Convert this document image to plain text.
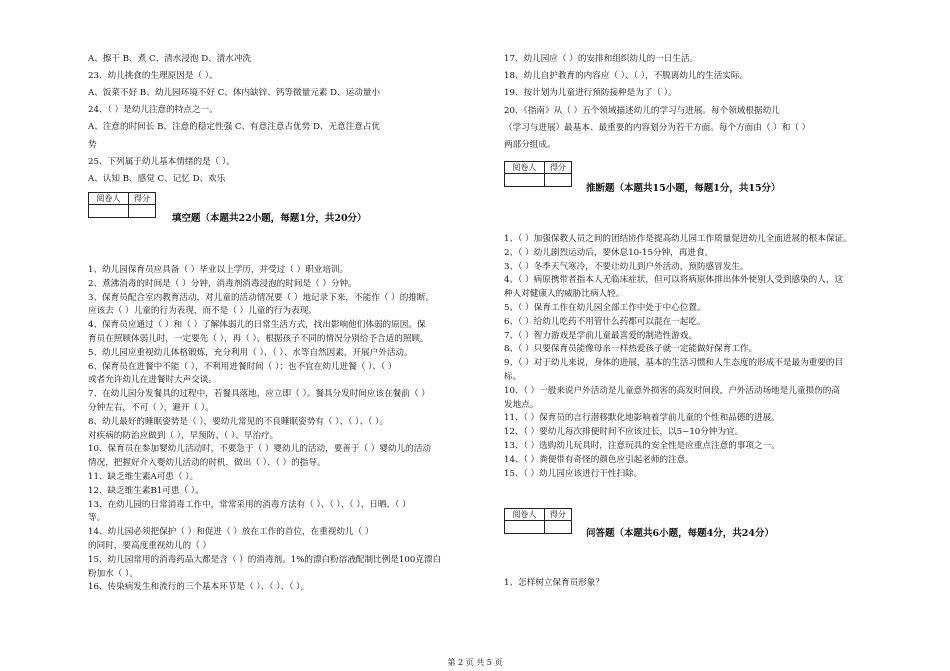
A、擦干 B、煮 C、清水浸泡 D、清水冲洗
23、幼儿挑食的生理原因是（ ）。
A、饭菜不好 B、幼儿园环境不好 C、体内缺锌、钙等微量元素 D、运动量小
24、（ ）是幼儿注意的特点之一。
A、注意的时间长 B、注意的稳定性强 C、有意注意占优势 D、无意注意占优
势
25、下列属于幼儿基本情绪的是（ ）。
A、认知 B、感觉 C、记忆 D、欢乐
1、幼儿园保育员应具备（ ）毕业以上学历，并受过（ ）职业培训。
2、煮沸消毒的时间是（ ）分钟，消毒剂消毒浸泡的时间是（ ）分钟。
3、保育员配合室内教育活动，对儿童的活动情况要（ ）地记录下来，不能作（ ）的推断。
应该去（ ）儿童的行为表现，而不是（ ）儿童的行为表现。
4、保育员应通过（ ）和（ ）了解体弱儿的日常生活方式，找出影响他们体弱的原因。保
育员在照顾体弱儿时，一定要先（ ），再（ ），根据孩子不同的情况分别给予合适的照顾。
5、幼儿园应重视幼儿体格锻炼，充分利用（ ）、（ ）、水等自然因素，开展户外活动。
6、保育员在进餐中不能（ ），不利用进餐时间（ ）；也不宜在幼儿进餐（ ）、（ ）
或者允许幼儿在进餐时大声交谈。
7、在幼儿园分发餐具的过程中，若餐具落地，应立即（ ）。餐具分发时间应该在餐前（ ）
分钟左右，不可（ ），避开（ ）。
8、幼儿最好的睡眠姿势是（ ），要幼儿常见的不良睡眠姿势有（ ）、（ ）、（ ）。
对疾病的防治应做到（ ），早预防、（ ）、早治疗。
10、保育员在参加婴幼儿活动时，不要急于（ ）婴幼儿的活动，要善于（ ）婴幼儿的活动
情况，把握好介入婴幼儿活动的时机，做出（ ）、（ ）的指导。
11、缺乏维生素A可患（ ）。
12、缺乏维生素B1可患（ ）。
13、在幼儿园的日常消毒工作中，常常采用的消毒方法有（ ）、（ ）、（ ）、日晒、（ ）
等。
14、幼儿园必须把保护（ ）和促进（ ）放在工作的首位，在重视幼儿（ ）
的同时，要高度重视幼儿的（ ）
15、幼儿园常用的消毒药品大都是含（ ）的消毒剂。1%的漂白粉溶液配制比例是100克漂白
粉加水（ ）。
16、传染病发生和流行的三个基本环节是（ ）、（ ）、（ ）。
17、幼儿园应（ ）的安排和组织幼儿的一日生活。
18、幼儿自护教育的内容应（ ）、（ ），不脱离幼儿的生活实际。
19、按计划为儿童进行预防接种是为了（ ）。
20、《指南》从（ ）五个领域描述幼儿的学习与进展。每个领域根据幼儿
（学习与进展）最基本、最重要的内容划分为若干方面。每个方面由（ ）和（ ）
两部分组成。
1、（ ）加强保教人员之间的团结协作是提高幼儿园工作质量促进幼儿全面进展的根本保证。
2、（ ）幼儿剧烈运动后，要休息10-15分钟，再进食。
3、（ ）冬季天气寒冷，不要让幼儿到户外活动，预防感冒发生。
4、（ ）病原携带者指本人无临床症状，但可以将病原体排出体外使别人受到感染的人，这
种人对健康人的威胁比病人轻。
5、（ ）保育工作在幼儿园全部工作中处于中心位置。
6、（ ）给幼儿吃药不用管什么药都可以混在一起吃。
7、（ ）智力游戏是学前儿童最喜爱的制造性游戏。
8、（ ）只要保育员能像母亲一样热爱孩子就一定能做好保育工作。
9、（ ）对于幼儿来说，身体的进展，基本的生活习惯和人生态度的形成不是最为重要的目
标。
10、（ ）一般来说户外活动是儿童意外损害的高发时间段，户外活动场地是儿童损伤的高
发地点。
11、（ ）保育员的言行潜移默化地影响着学前儿童的个性和品德的进展。
12、（ ）要幼儿每次排便时间不应该过长，以5~10分钟为宜。
13、（ ）选购幼儿玩具时，注意玩具的安全性是应重点注意的事项之一。
14、（ ）粪便带有奇怪的颜色应引起老师的注意。
15、（ ）幼儿园应该进行干性扫除。
1、怎样树立保育员形象？
阅卷人	得分

填空题（本题共22小题，每题1分，共20分）
阅卷人	得分

推断题（本题共15小题，每题1分，共15分）
阅卷人	得分

问答题（本题共6小题，每题4分，共24分）
第 2 页 共 5 页
